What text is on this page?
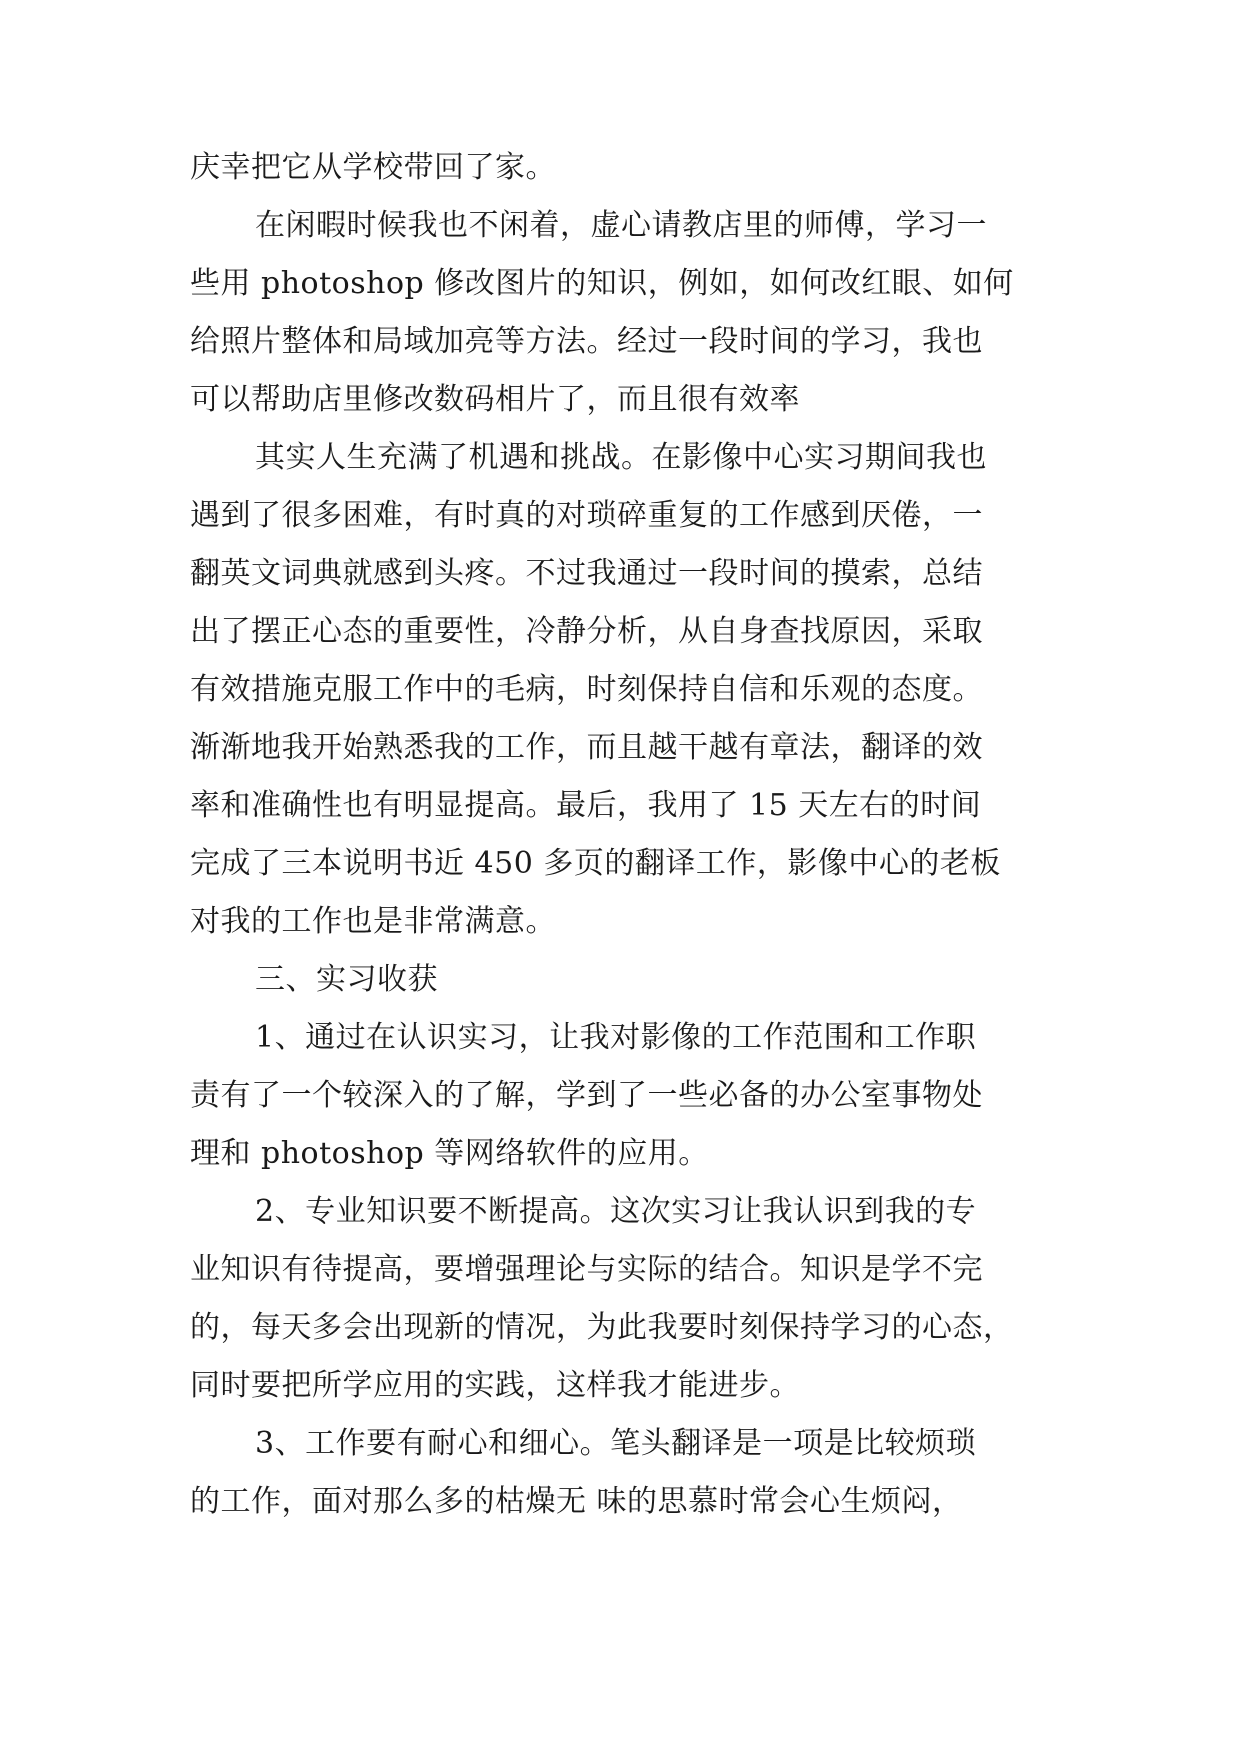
庆幸把它从学校带回了家。
在闲暇时候我也不闲着，虚心请教店里的师傅，学习一
些用 photoshop 修改图片的知识，例如，如何改红眼、如何
给照片整体和局域加亮等方法。经过一段时间的学习，我也
可以帮助店里修改数码相片了，而且很有效率
其实人生充满了机遇和挑战。在影像中心实习期间我也
遇到了很多困难，有时真的对琐碎重复的工作感到厌倦，一
翻英文词典就感到头疼。不过我通过一段时间的摸索，总结
出了摆正心态的重要性，冷静分析，从自身查找原因，采取
有效措施克服工作中的毛病，时刻保持自信和乐观的态度。
渐渐地我开始熟悉我的工作，而且越干越有章法，翻译的效
率和准确性也有明显提高。最后，我用了 15 天左右的时间
完成了三本说明书近 450 多页的翻译工作，影像中心的老板
对我的工作也是非常满意。
三、实习收获
1、通过在认识实习，让我对影像的工作范围和工作职
责有了一个较深入的了解，学到了一些必备的办公室事物处
理和 photoshop 等网络软件的应用。
2、专业知识要不断提高。这次实习让我认识到我的专
业知识有待提高，要增强理论与实际的结合。知识是学不完
的，每天多会出现新的情况，为此我要时刻保持学习的心态，
同时要把所学应用的实践，这样我才能进步。
3、工作要有耐心和细心。笔头翻译是一项是比较烦琐
的工作，面对那么多的枯燥无 味的思慕时常会心生烦闷，
